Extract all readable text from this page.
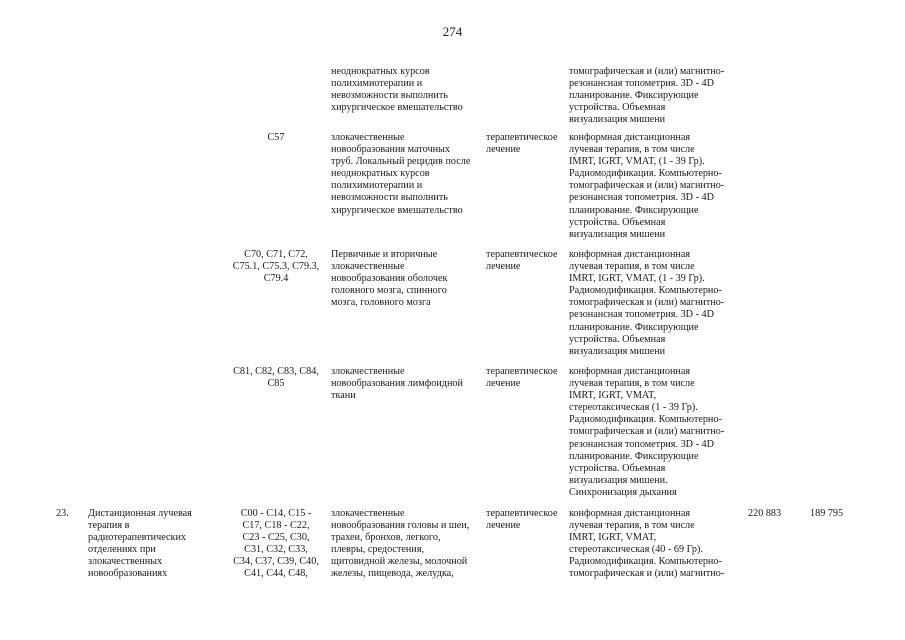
274
неоднократных курсов
полихимиотерапии и
невозможности выполнить
хирургическое вмешательство
томографическая и (или) магнитно-
резонансная топометрия. 3D - 4D
планирование. Фиксирующие
устройства. Объемная
визуализация мишени
С57	злокачественные
новообразования маточных
труб. Локальный рецидив после
неоднократных курсов
полихимиотерапии и
невозможности выполнить
хирургическое вмешательство
терапевтическое
лечение
конформная дистанционная
лучевая терапия, в том числе
IMRT, IGRT, VMAT, (1 - 39 Гр).
Радиомодификация. Компьютерно-
томографическая и (или) магнитно-
резонансная топометрия. 3D - 4D
планирование. Фиксирующие
устройства. Объемная
визуализация мишени
С70, С71, С72,
С75.1, С75.3, С79.3,
С79.4
Первичные и вторичные
злокачественные
новообразования оболочек
головного мозга, спинного
мозга, головного мозга
терапевтическое
лечение
конформная дистанционная
лучевая терапия, в том числе
IMRT, IGRT, VMAT, (1 - 39 Гр).
Радиомодификация. Компьютерно-
томографическая и (или) магнитно-
резонансная топометрия. 3D - 4D
планирование. Фиксирующие
устройства. Объемная
визуализация мишени
С81, С82, С83, С84,
С85
злокачественные
новообразования лимфоидной
ткани
терапевтическое
лечение
конформная дистанционная
лучевая терапия, в том числе
IMRT, IGRT, VMAT,
стереотаксическая (1 - 39 Гр).
Радиомодификация. Компьютерно-
томографическая и (или) магнитно-
резонансная топометрия. 3D - 4D
планирование. Фиксирующие
устройства. Объемная
визуализация мишени.
Синхронизация дыхания
23. Дистанционная лучевая
терапия в
радиотерапевтических
отделениях при
злокачественных
новообразованиях
С00 - С14, С15 -
С17, С18 - С22,
С23 - С25, С30,
С31, С32, С33,
С34, С37, С39, С40,
С41, С44, С48,
злокачественные
новообразования головы и шеи,
трахеи, бронхов, легкого,
плевры, средостения,
щитовидной железы, молочной
железы, пищевода, желудка,
терапевтическое
лечение
конформная дистанционная
лучевая терапия, в том числе
IMRT, IGRT, VMAT,
стереотаксическая (40 - 69 Гр).
Радиомодификация. Компьютерно-
томографическая и (или) магнитно-
220 883	189 795
